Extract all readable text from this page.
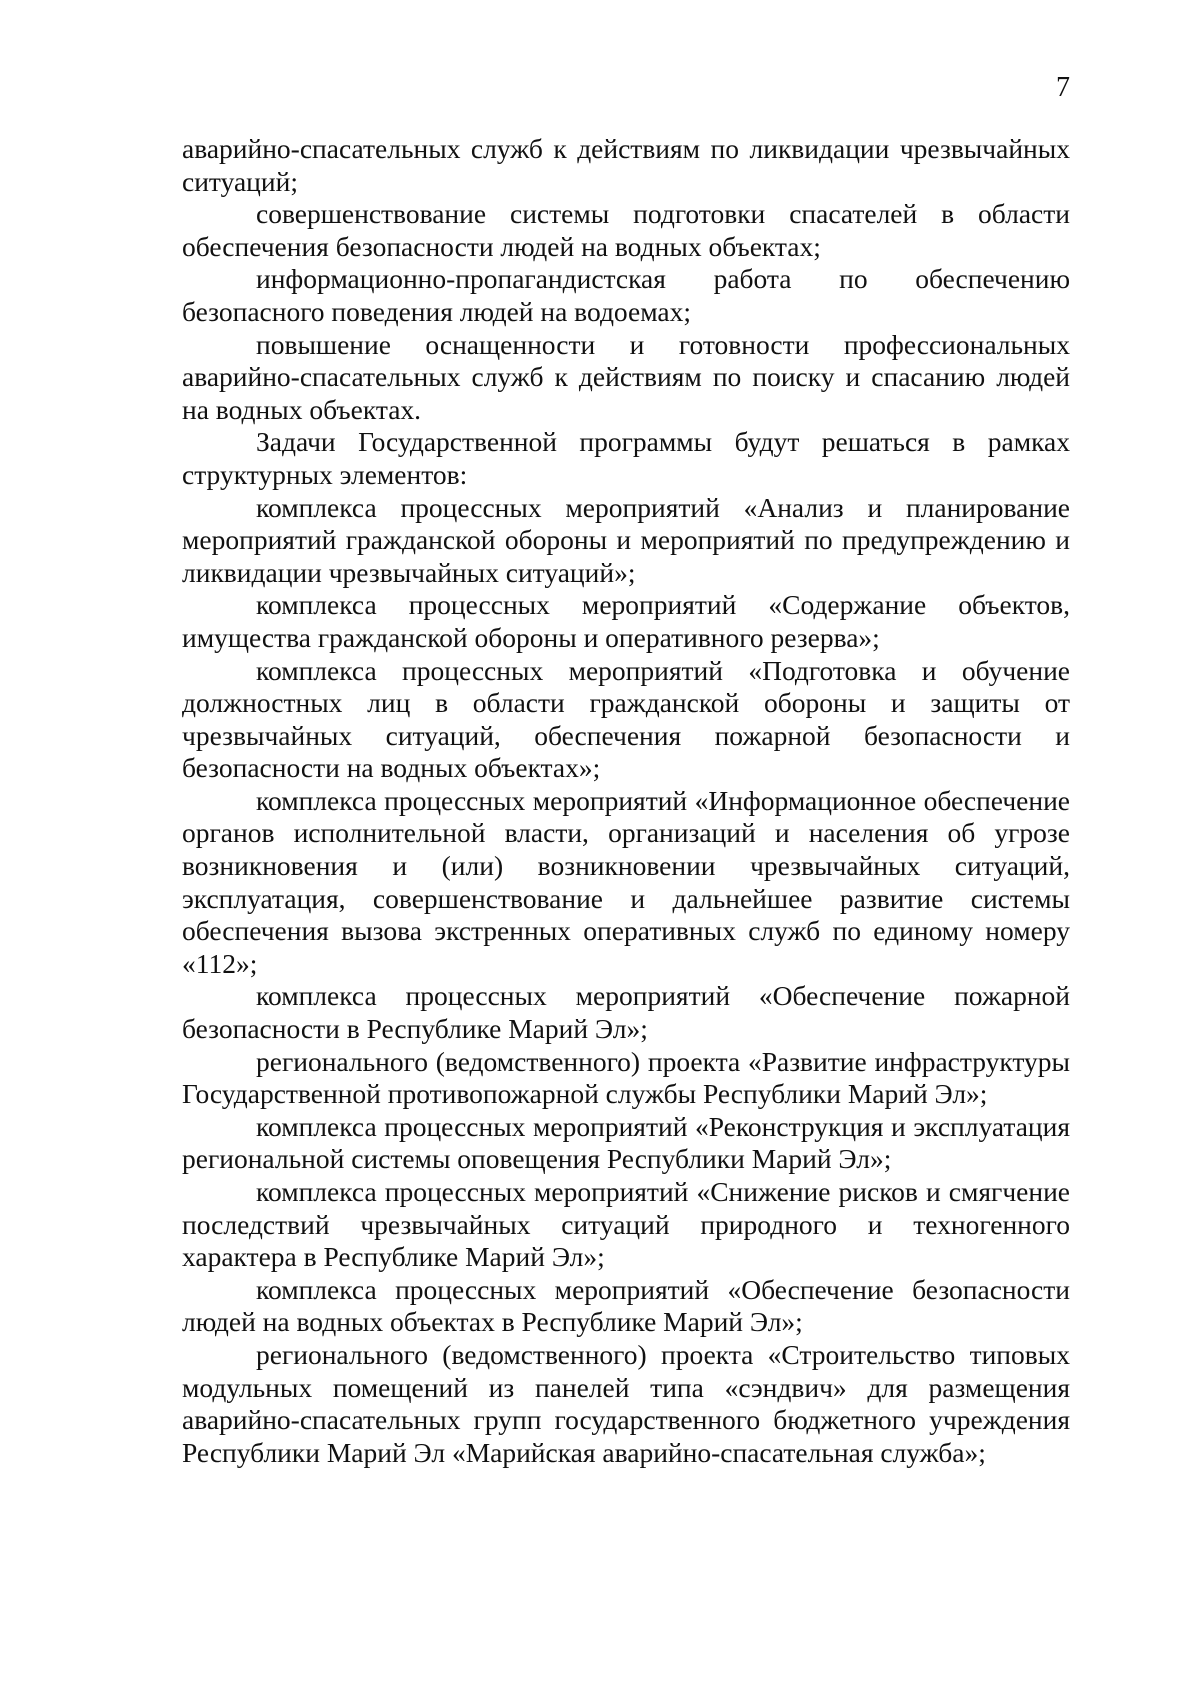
7

аварийно-спасательных служб к действиям по ликвидации чрезвычайных ситуаций;

совершенствование системы подготовки спасателей в области обеспечения безопасности людей на водных объектах;

информационно-пропагандистская работа по обеспечению безопасного поведения людей на водоемах;

повышение оснащенности и готовности профессиональных аварийно-спасательных служб к действиям по поиску и спасанию людей на водных объектах.

Задачи Государственной программы будут решаться в рамках структурных элементов:

комплекса процессных мероприятий «Анализ и планирование мероприятий гражданской обороны и мероприятий по предупреждению и ликвидации чрезвычайных ситуаций»;

комплекса процессных мероприятий «Содержание объектов, имущества гражданской обороны и оперативного резерва»;

комплекса процессных мероприятий «Подготовка и обучение должностных лиц в области гражданской обороны и защиты от чрезвычайных ситуаций, обеспечения пожарной безопасности и безопасности на водных объектах»;

комплекса процессных мероприятий «Информационное обеспечение органов исполнительной власти, организаций и населения об угрозе возникновения и (или) возникновении чрезвычайных ситуаций, эксплуатация, совершенствование и дальнейшее развитие системы обеспечения вызова экстренных оперативных служб по единому номеру «112»;

комплекса процессных мероприятий «Обеспечение пожарной безопасности в Республике Марий Эл»;

регионального (ведомственного) проекта «Развитие инфраструктуры Государственной противопожарной службы Республики Марий Эл»;

комплекса процессных мероприятий «Реконструкция и эксплуатация региональной системы оповещения Республики Марий Эл»;

комплекса процессных мероприятий «Снижение рисков и смягчение последствий чрезвычайных ситуаций природного и техногенного характера в Республике Марий Эл»;

комплекса процессных мероприятий «Обеспечение безопасности людей на водных объектах в Республике Марий Эл»;

регионального (ведомственного) проекта «Строительство типовых модульных помещений из панелей типа «сэндвич» для размещения аварийно-спасательных групп государственного бюджетного учреждения Республики Марий Эл «Марийская аварийно-спасательная служба»;
